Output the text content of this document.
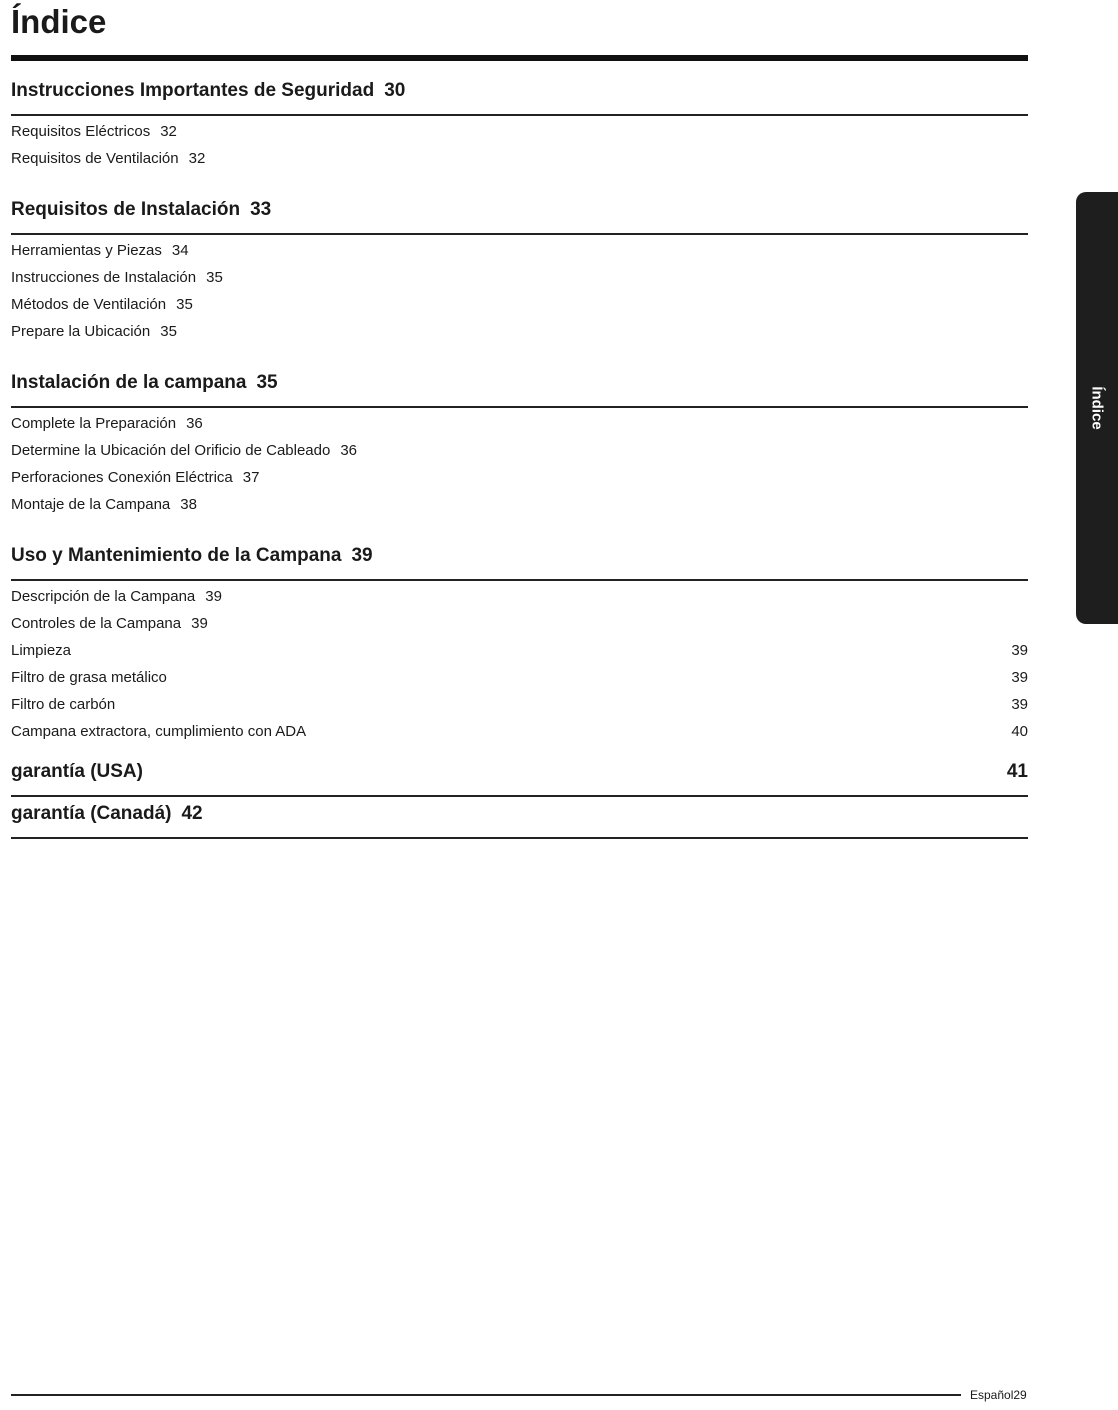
Índice
Instrucciones Importantes de Seguridad 30
Requisitos Eléctricos 32
Requisitos de Ventilación 32
Requisitos de Instalación 33
Herramientas y Piezas 34
Instrucciones de Instalación 35
Métodos de Ventilación 35
Prepare la Ubicación 35
Instalación de la campana 35
Complete la Preparación 36
Determine la Ubicación del Orificio de Cableado 36
Perforaciones Conexión Eléctrica 37
Montaje de la Campana 38
Uso y Mantenimiento de la Campana 39
Descripción de la Campana 39
Controles de la Campana 39
Limpieza	39
Filtro de grasa metálico	39
Filtro de carbón	39
Campana extractora, cumplimiento con ADA	40
garantía (USA)	41
garantía (Canadá) 42
Índice
Español29
